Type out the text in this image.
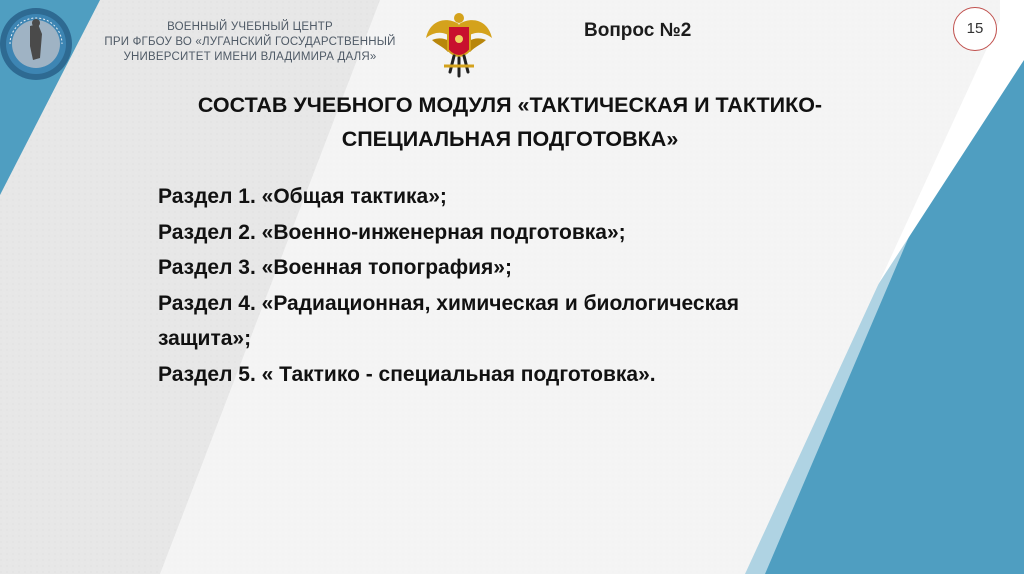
ВОЕННЫЙ УЧЕБНЫЙ ЦЕНТР
ПРИ ФГБОУ ВО «ЛУГАНСКИЙ ГОСУДАРСТВЕННЫЙ
УНИВЕРСИТЕТ ИМЕНИ ВЛАДИМИРА ДАЛЯ»
Вопрос №2	15
СОСТАВ УЧЕБНОГО МОДУЛЯ «ТАКТИЧЕСКАЯ И ТАКТИКО-
СПЕЦИАЛЬНАЯ ПОДГОТОВКА»
Раздел 1. «Общая тактика»;
Раздел 2. «Военно-инженерная подготовка»;
Раздел 3. «Военная топография»;
Раздел 4. «Радиационная, химическая и биологическая
защита»;
Раздел 5. « Тактико - специальная подготовка».
